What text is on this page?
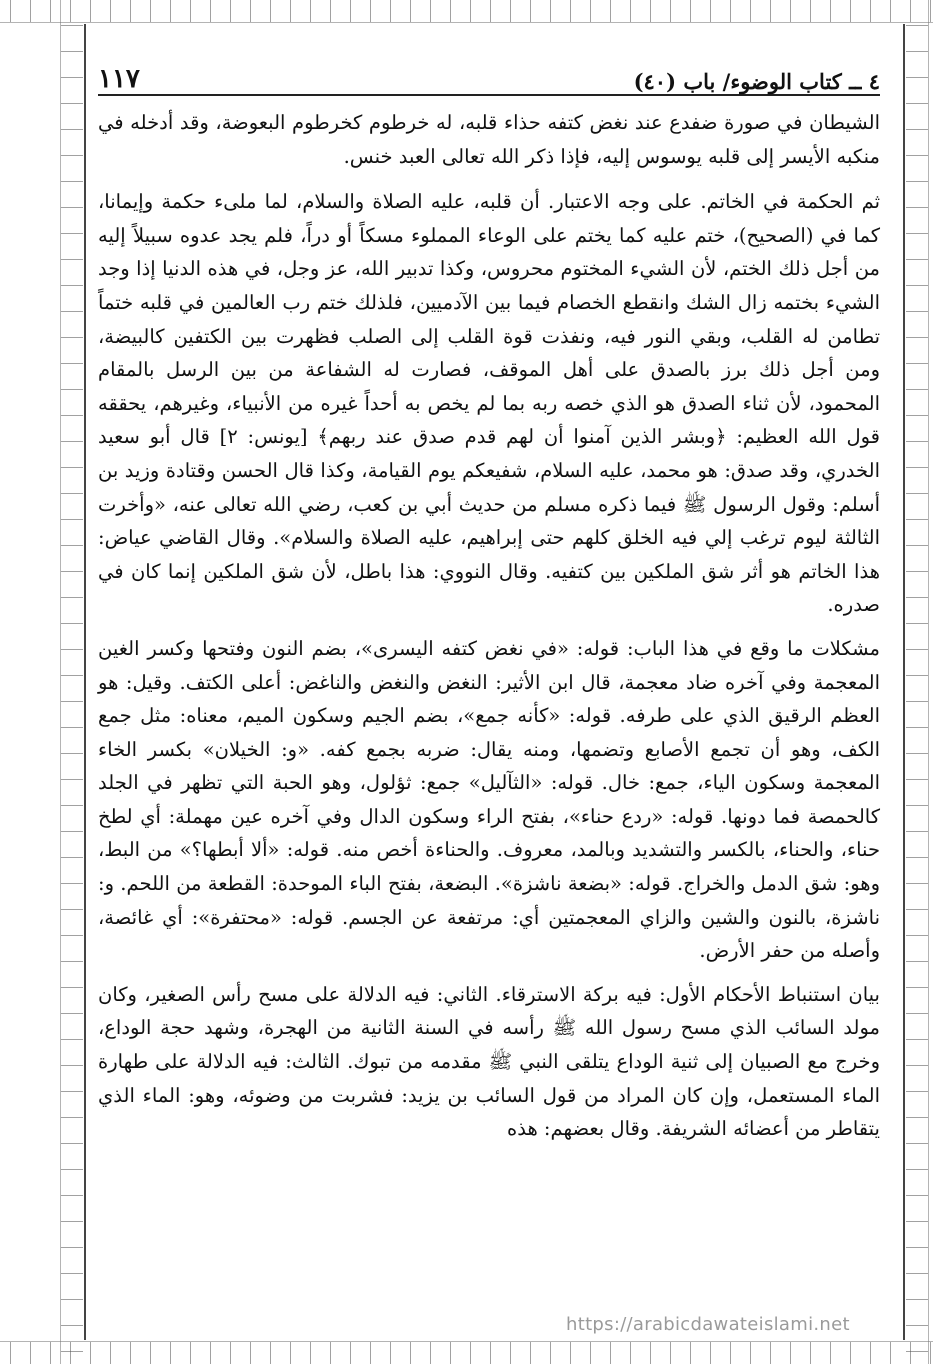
٤ ــ كتاب الوضوء/ باب (٤٠)
١١٧

الشيطان في صورة ضفدع عند نغض كتفه حذاء قلبه، له خرطوم كخرطوم البعوضة، وقد أدخله في منكبه الأيسر إلى قلبه يوسوس إليه، فإذا ذكر الله تعالى العبد خنس.

ثم الحكمة في الخاتم. على وجه الاعتبار. أن قلبه، عليه الصلاة والسلام، لما ملىء حكمة وإيمانا، كما في (الصحيح)، ختم عليه كما يختم على الوعاء المملوء مسكاً أو دراً، فلم يجد عدوه سبيلاً إليه من أجل ذلك الختم، لأن الشيء المختوم محروس، وكذا تدبير الله، عز وجل، في هذه الدنيا إذا وجد الشيء بختمه زال الشك وانقطع الخصام فيما بين الآدميين، فلذلك ختم رب العالمين في قلبه ختماً تطامن له القلب، وبقي النور فيه، ونفذت قوة القلب إلى الصلب فظهرت بين الكتفين كالبيضة، ومن أجل ذلك برز بالصدق على أهل الموقف، فصارت له الشفاعة من بين الرسل بالمقام المحمود، لأن ثناء الصدق هو الذي خصه ربه بما لم يخص به أحداً غيره من الأنبياء، وغيرهم، يحققه قول الله العظيم: ﴿وبشر الذين آمنوا أن لهم قدم صدق عند ربهم﴾ [يونس: ٢] قال أبو سعيد الخدري، وقد صدق: هو محمد، عليه السلام، شفيعكم يوم القيامة، وكذا قال الحسن وقتادة وزيد بن أسلم: وقول الرسول ﷺ فيما ذكره مسلم من حديث أبي بن كعب، رضي الله تعالى عنه، «وأخرت الثالثة ليوم ترغب إلي فيه الخلق كلهم حتى إبراهيم، عليه الصلاة والسلام». وقال القاضي عياض: هذا الخاتم هو أثر شق الملكين بين كتفيه. وقال النووي: هذا باطل، لأن شق الملكين إنما كان في صدره.

مشكلات ما وقع في هذا الباب: قوله: «في نغض كتفه اليسرى»، بضم النون وفتحها وكسر الغين المعجمة وفي آخره ضاد معجمة، قال ابن الأثير: النغض والنغض والناغض: أعلى الكتف. وقيل: هو العظم الرقيق الذي على طرفه. قوله: «كأنه جمع»، بضم الجيم وسكون الميم، معناه: مثل جمع الكف، وهو أن تجمع الأصابع وتضمها، ومنه يقال: ضربه بجمع كفه. «و: الخيلان» بكسر الخاء المعجمة وسكون الياء، جمع: خال. قوله: «الثآليل» جمع: ثؤلول، وهو الحبة التي تظهر في الجلد كالحمصة فما دونها. قوله: «ردع حناء»، بفتح الراء وسكون الدال وفي آخره عين مهملة: أي لطخ حناء، والحناء، بالكسر والتشديد وبالمد، معروف. والحناءة أخص منه. قوله: «ألا أبطها؟» من البط، وهو: شق الدمل والخراج. قوله: «بضعة ناشزة». البضعة، بفتح الباء الموحدة: القطعة من اللحم. و: ناشزة، بالنون والشين والزاي المعجمتين أي: مرتفعة عن الجسم. قوله: «محتفرة»: أي غائصة، وأصله من حفر الأرض.

بيان استنباط الأحكام الأول: فيه بركة الاسترقاء. الثاني: فيه الدلالة على مسح رأس الصغير، وكان مولد السائب الذي مسح رسول الله ﷺ رأسه في السنة الثانية من الهجرة، وشهد حجة الوداع، وخرج مع الصبيان إلى ثنية الوداع يتلقى النبي ﷺ مقدمه من تبوك. الثالث: فيه الدلالة على طهارة الماء المستعمل، وإن كان المراد من قول السائب بن يزيد: فشربت من وضوئه، وهو: الماء الذي يتقاطر من أعضائه الشريفة. وقال بعضهم: هذه

https://arabicdawateislami.net
